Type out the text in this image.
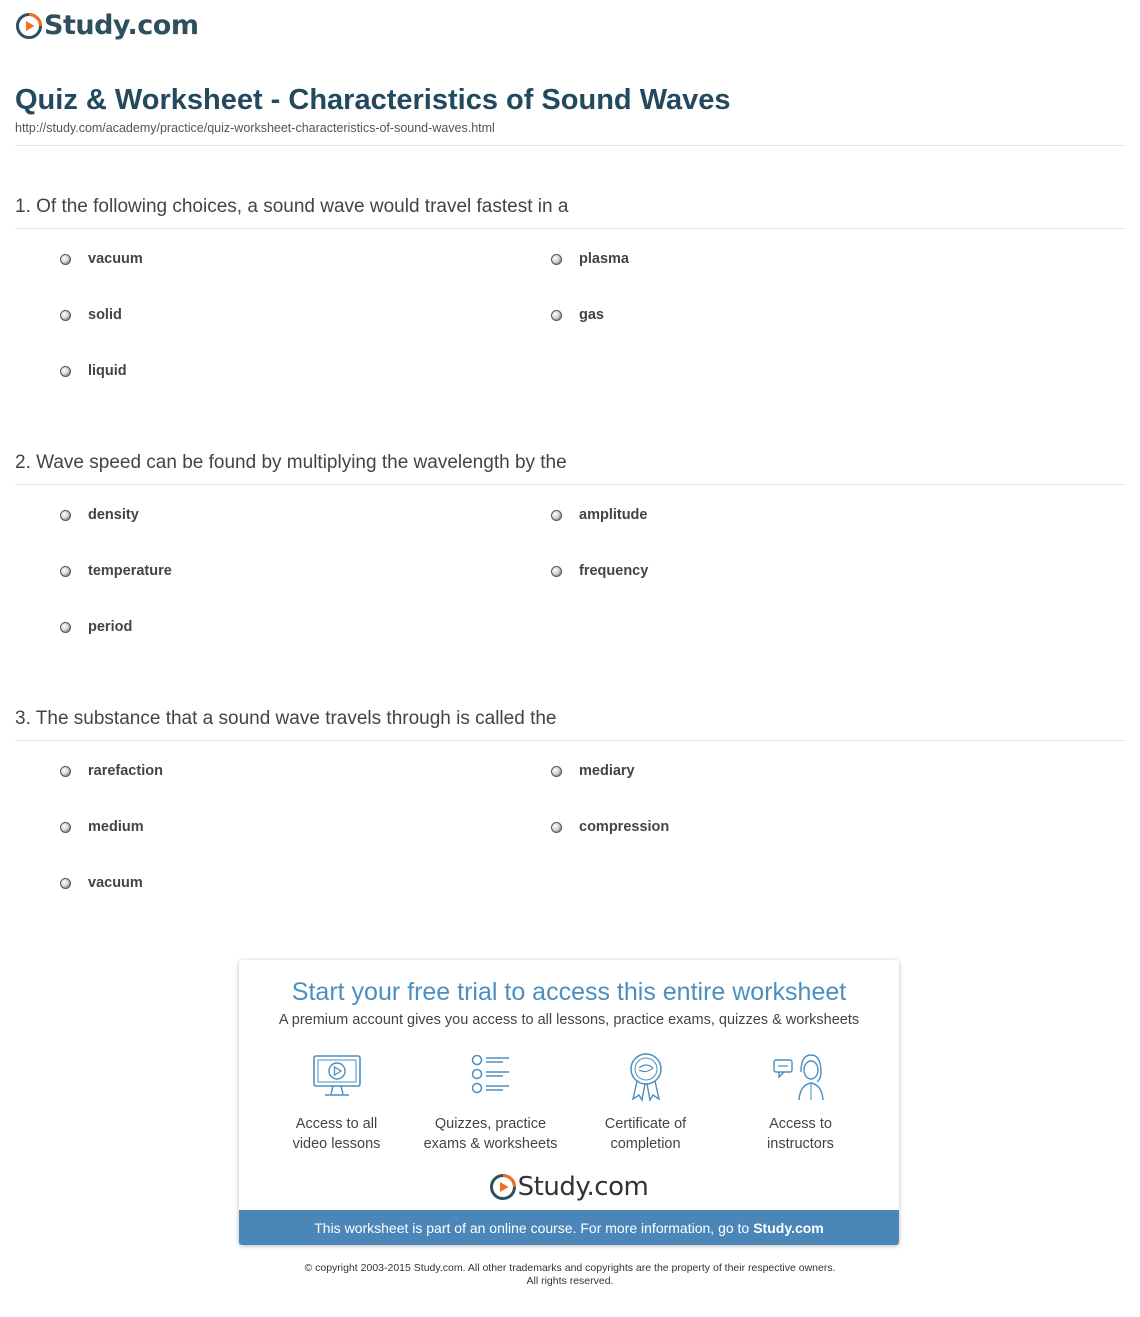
Study.com
Quiz & Worksheet - Characteristics of Sound Waves
http://study.com/academy/practice/quiz-worksheet-characteristics-of-sound-waves.html
1. Of the following choices, a sound wave would travel fastest in a
vacuum	plasma
solid	gas
liquid
2. Wave speed can be found by multiplying the wavelength by the
density	amplitude
temperature	frequency
period
3. The substance that a sound wave travels through is called the
rarefaction	mediary
medium	compression
vacuum
Start your free trial to access this entire worksheet
A premium account gives you access to all lessons, practice exams, quizzes & worksheets
Access to all
video lessons
Quizzes, practice
exams & worksheets
Certificate of
completion
Access to
instructors
Study.com
This worksheet is part of an online course. For more information, go to Study.com
© copyright 2003-2015 Study.com. All other trademarks and copyrights are the property of their respective owners.
All rights reserved.
